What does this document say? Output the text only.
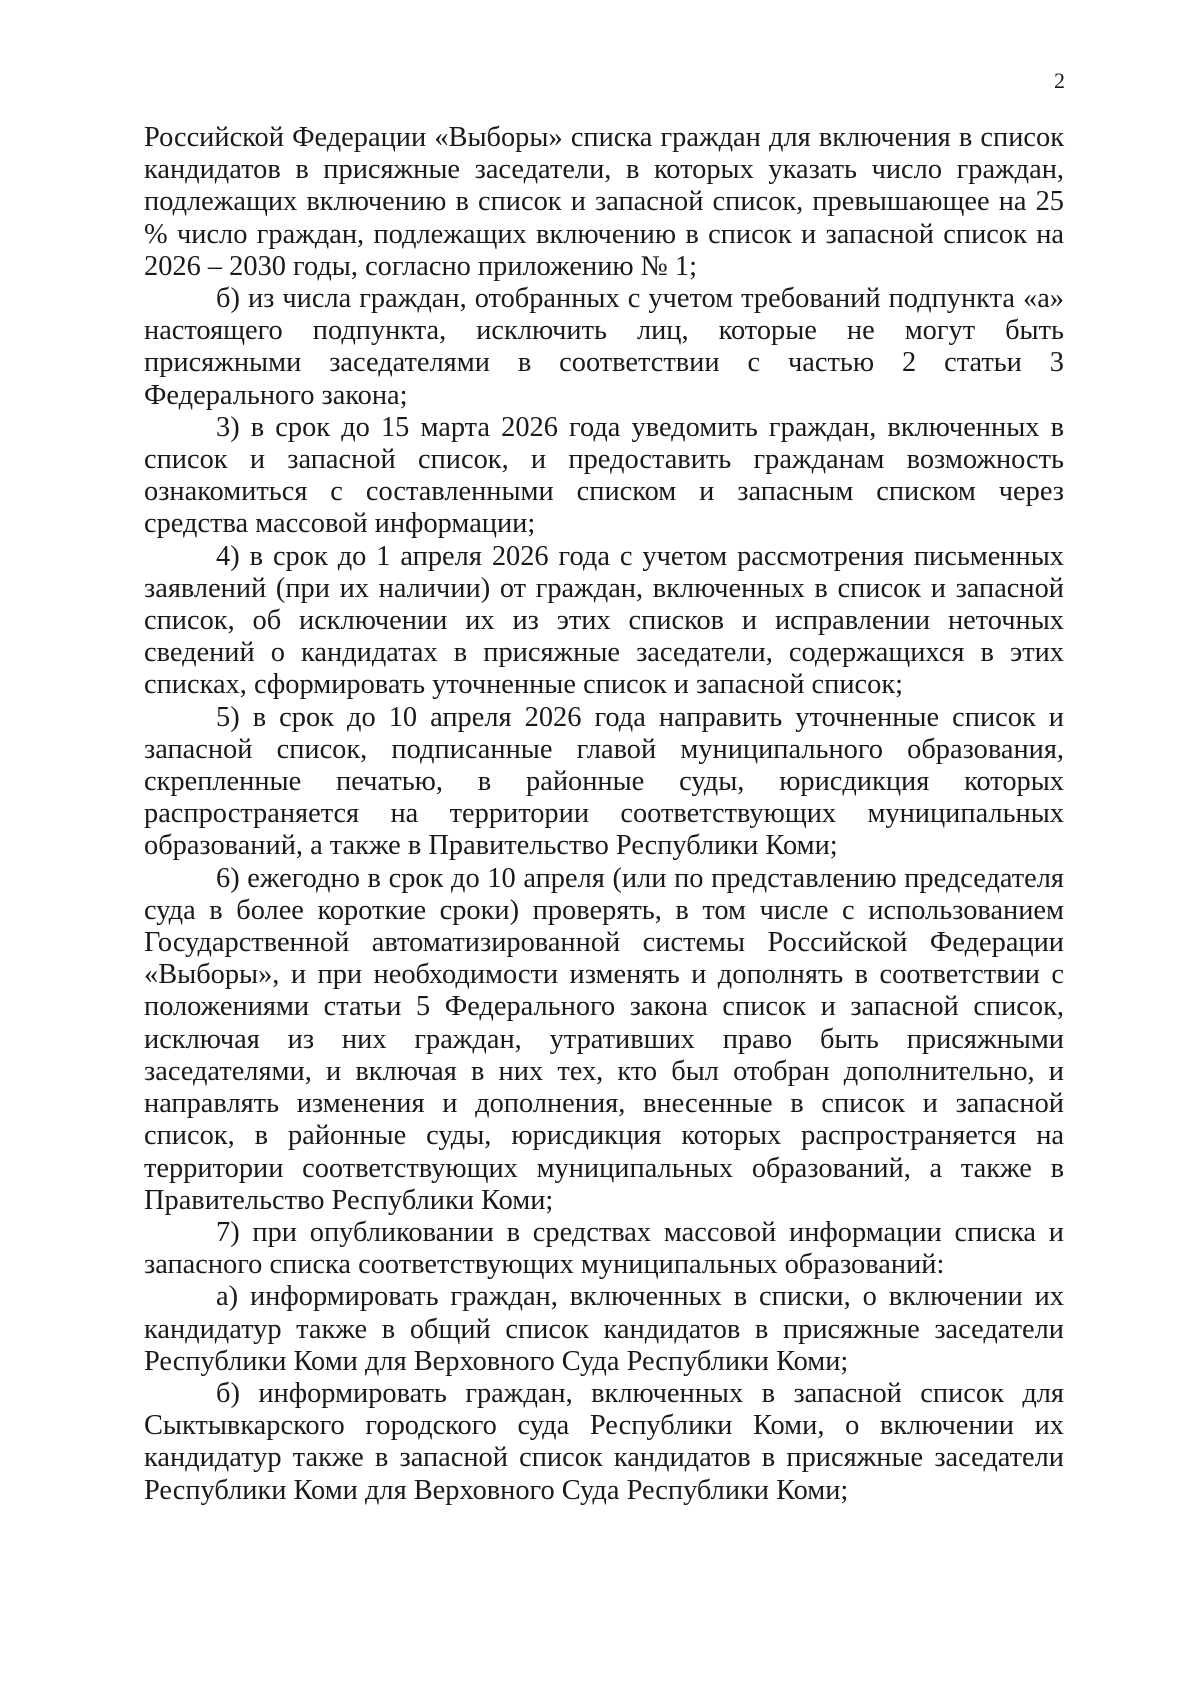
2

Российской Федерации «Выборы» списка граждан для включения в список кандидатов в присяжные заседатели, в которых указать число граждан, подлежащих включению в список и запасной список, превышающее на 25 % число граждан, подлежащих включению в список и запасной список на 2026 – 2030 годы, согласно приложению № 1;

б) из числа граждан, отобранных с учетом требований подпункта «а» настоящего подпункта, исключить лиц, которые не могут быть присяжными заседателями в соответствии с частью 2 статьи 3 Федерального закона;

3) в срок до 15 марта 2026 года уведомить граждан, включенных в список и запасной список, и предоставить гражданам возможность ознакомиться с составленными списком и запасным списком через средства массовой информации;

4) в срок до 1 апреля 2026 года с учетом рассмотрения письменных заявлений (при их наличии) от граждан, включенных в список и запасной список, об исключении их из этих списков и исправлении неточных сведений о кандидатах в присяжные заседатели, содержащихся в этих списках, сформировать уточненные список и запасной список;

5) в срок до 10 апреля 2026 года направить уточненные список и запасной список, подписанные главой муниципального образования, скрепленные печатью, в районные суды, юрисдикция которых распространяется на территории соответствующих муниципальных образований, а также в Правительство Республики Коми;

6) ежегодно в срок до 10 апреля (или по представлению председателя суда в более короткие сроки) проверять, в том числе с использованием Государственной автоматизированной системы Российской Федерации «Выборы», и при необходимости изменять и дополнять в соответствии с положениями статьи 5 Федерального закона список и запасной список, исключая из них граждан, утративших право быть присяжными заседателями, и включая в них тех, кто был отобран дополнительно, и направлять изменения и дополнения, внесенные в список и запасной список, в районные суды, юрисдикция которых распространяется на территории соответствующих муниципальных образований, а также в Правительство Республики Коми;

7) при опубликовании в средствах массовой информации списка и запасного списка соответствующих муниципальных образований:

а) информировать граждан, включенных в списки, о включении их кандидатур также в общий список кандидатов в присяжные заседатели Республики Коми для Верховного Суда Республики Коми;

б) информировать граждан, включенных в запасной список для Сыктывкарского городского суда Республики Коми, о включении их кандидатур также в запасной список кандидатов в присяжные заседатели Республики Коми для Верховного Суда Республики Коми;
